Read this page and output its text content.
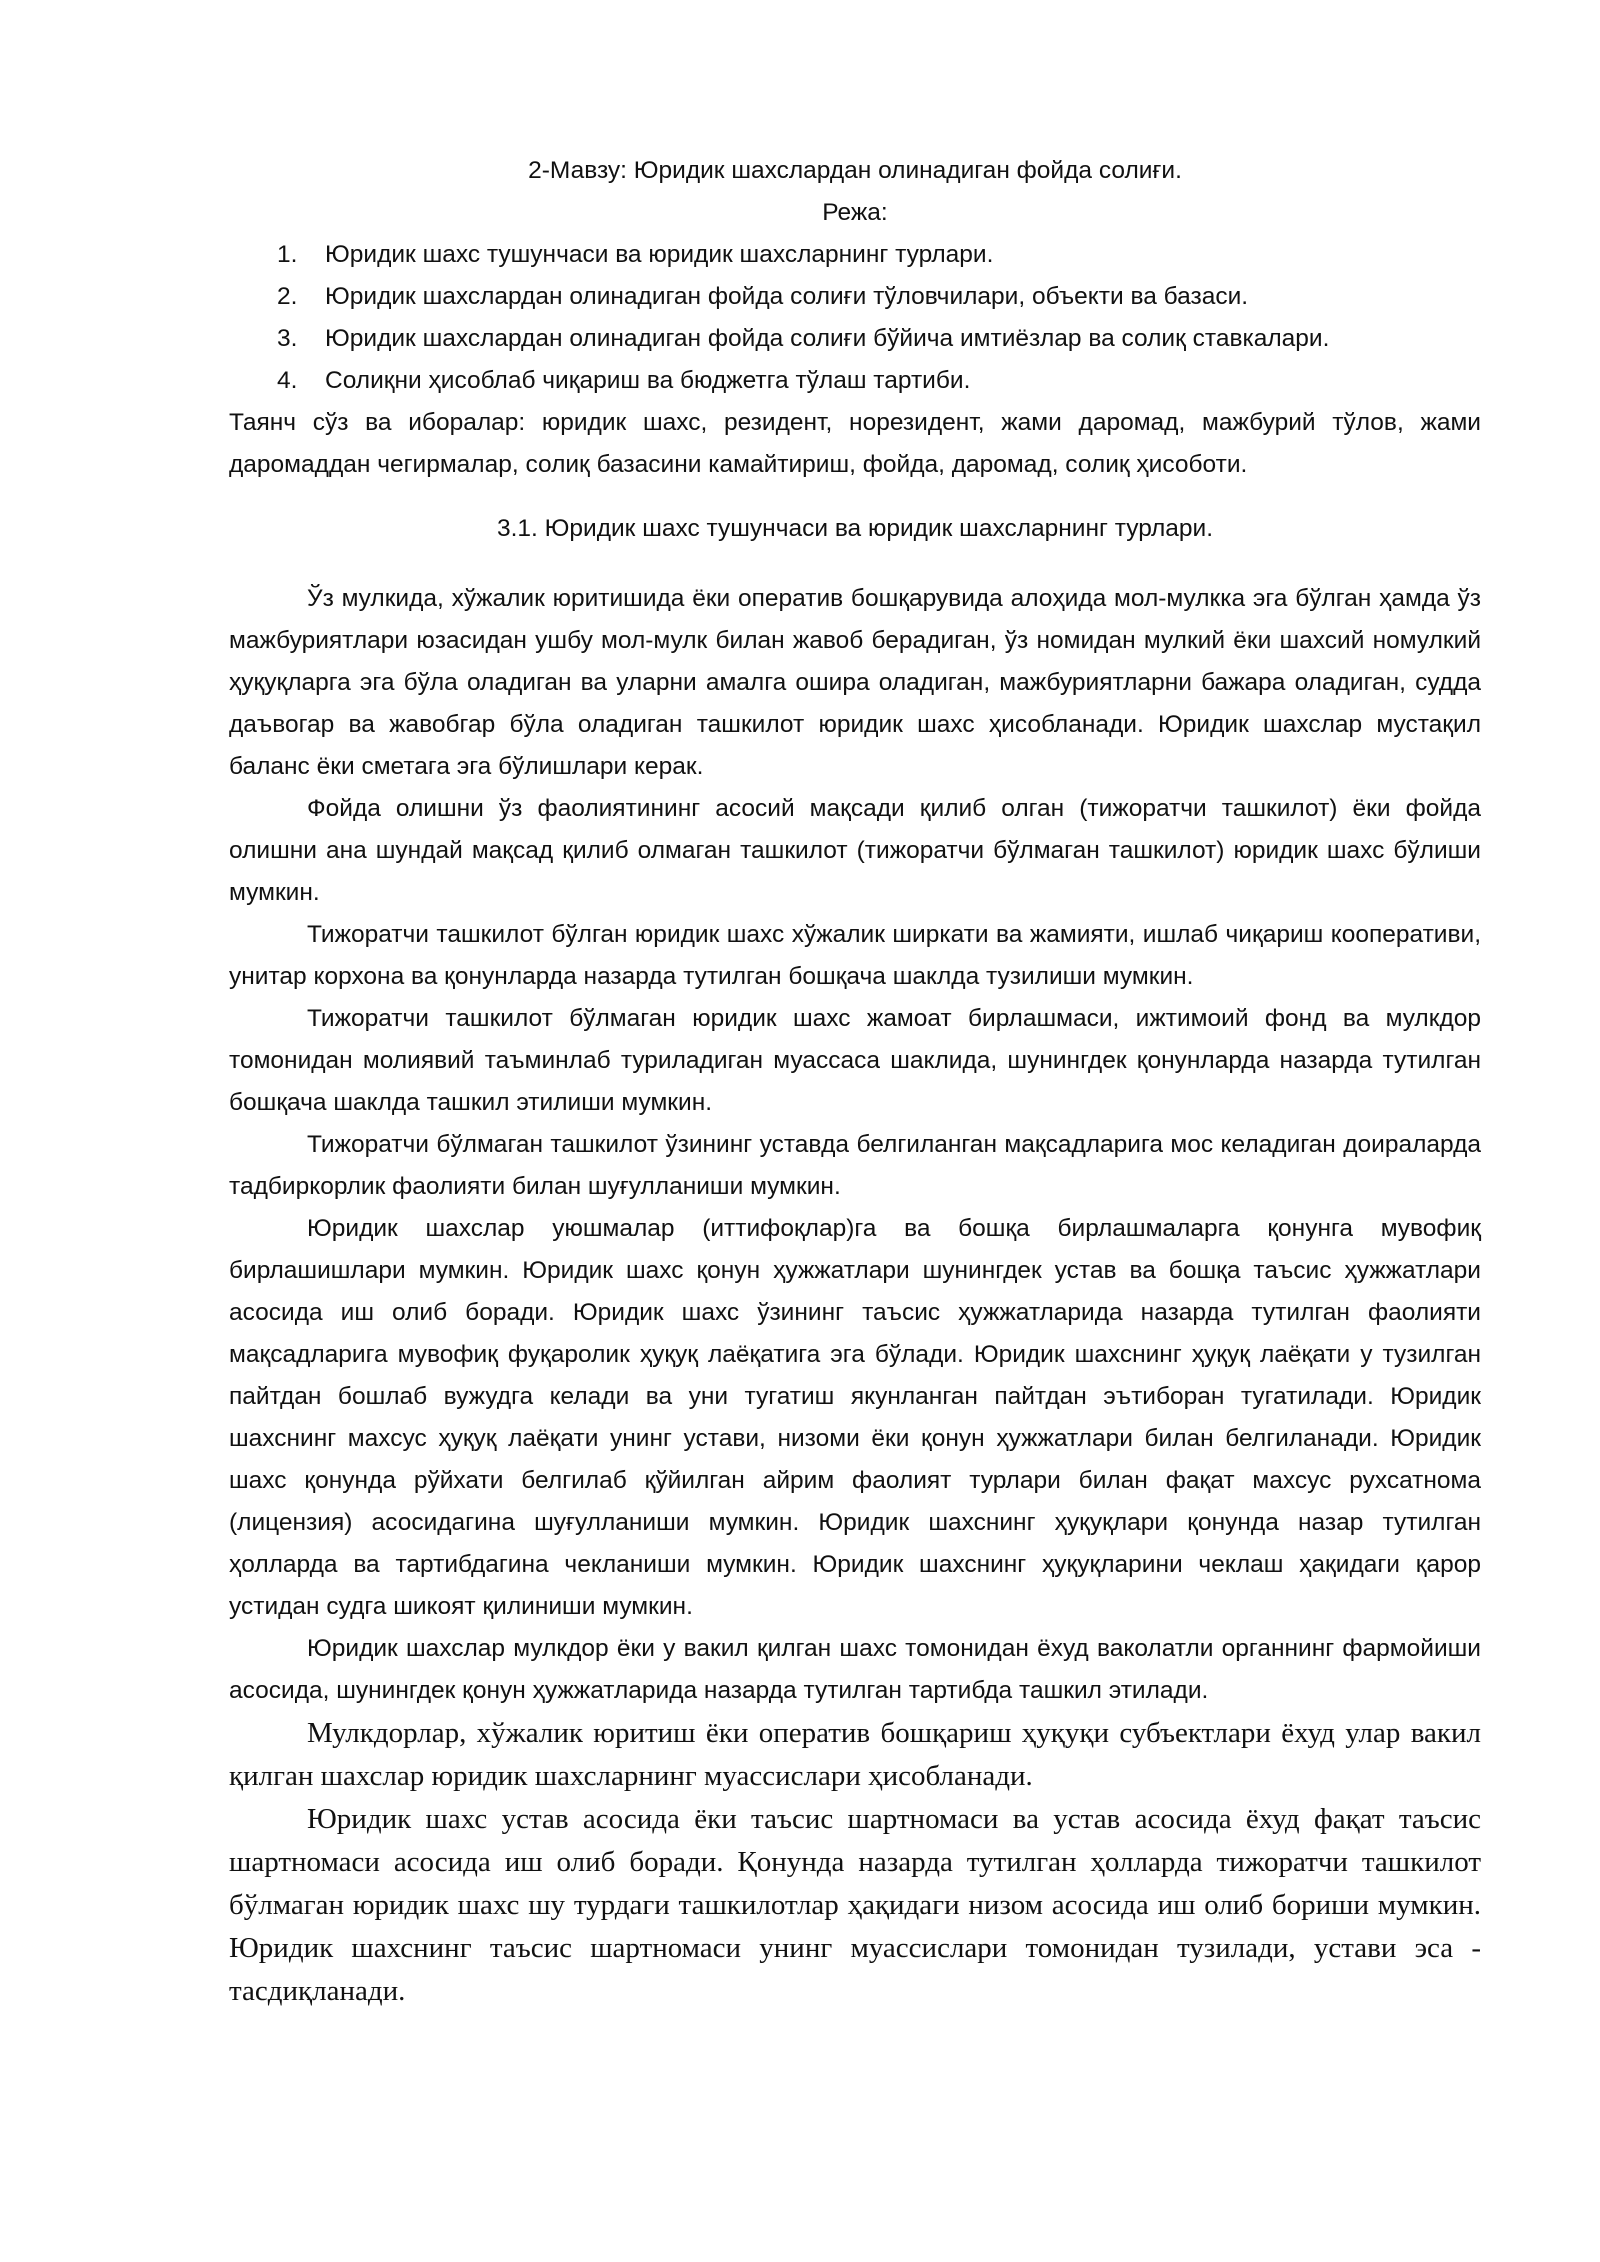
2-Мавзу: Юридик шахслардан олинадиган фойда солиғи.
Режа:
1. Юридик шахс тушунчаси ва юридик шахсларнинг турлари.
2. Юридик шахслардан олинадиган фойда солиғи тўловчилари, объекти ва базаси.
3. Юридик шахслардан олинадиган фойда солиғи бўйича имтиёзлар ва солиқ ставкалари.
4. Солиқни ҳисоблаб чиқариш ва бюджетга тўлаш тартиби.

Таянч сўз ва иборалар: юридик шахс, резидент, норезидент, жами даромад, мажбурий тўлов, жами даромаддан чегирмалар, солиқ базасини камайтириш, фойда, даромад, солиқ ҳисоботи.

3.1. Юридик шахс тушунчаси ва юридик шахсларнинг турлари.

Ўз мулкида, хўжалик юритишида ёки оператив бошқарувида алоҳида мол-мулкка эга бўлган ҳамда ўз мажбуриятлари юзасидан ушбу мол-мулк билан жавоб берадиган, ўз номидан мулкий ёки шахсий номулкий ҳуқуқларга эга бўла оладиган ва уларни амалга ошира оладиган, мажбуриятларни бажара оладиган, судда даъвогар ва жавобгар бўла оладиган ташкилот юридик шахс ҳисобланади. Юридик шахслар мустақил баланс ёки сметага эга бўлишлари керак.

Фойда олишни ўз фаолиятининг асосий мақсади қилиб олган (тижоратчи ташкилот) ёки фойда олишни ана шундай мақсад қилиб олмаган ташкилот (тижоратчи бўлмаган ташкилот) юридик шахс бўлиши мумкин.

Тижоратчи ташкилот бўлган юридик шахс хўжалик ширкати ва жамияти, ишлаб чиқариш кооперативи, унитар корхона ва қонунларда назарда тутилган бошқача шаклда тузилиши мумкин.

Тижоратчи ташкилот бўлмаган юридик шахс жамоат бирлашмаси, ижтимоий фонд ва мулкдор томонидан молиявий таъминлаб туриладиган муассаса шаклида, шунингдек қонунларда назарда тутилган бошқача шаклда ташкил этилиши мумкин.

Тижоратчи бўлмаган ташкилот ўзининг уставда белгиланган мақсадларига мос келадиган доираларда тадбиркорлик фаолияти билан шуғулланиши мумкин.

Юридик шахслар уюшмалар (иттифоқлар)га ва бошқа бирлашмаларга қонунга мувофиқ бирлашишлари мумкин. Юридик шахс қонун ҳужжатлари шунингдек устав ва бошқа таъсис ҳужжатлари асосида иш олиб боради. Юридик шахс ўзининг таъсис ҳужжатларида назарда тутилган фаолияти мақсадларига мувофиқ фуқаролик ҳуқуқ лаёқатига эга бўлади. Юридик шахснинг ҳуқуқ лаёқати у тузилган пайтдан бошлаб вужудга келади ва уни тугатиш якунланган пайтдан эътиборан тугатилади. Юридик шахснинг махсус ҳуқуқ лаёқати унинг устави, низоми ёки қонун ҳужжатлари билан белгиланади. Юридик шахс қонунда рўйхати белгилаб қўйилган айрим фаолият турлари билан фақат махсус рухсатнома (лицензия) асосидагина шуғулланиши мумкин. Юридик шахснинг ҳуқуқлари қонунда назар тутилган ҳолларда ва тартибдагина чекланиши мумкин. Юридик шахснинг ҳуқуқларини чеклаш ҳақидаги қарор устидан судга шикоят қилиниши мумкин.

Юридик шахслар мулкдор ёки у вакил қилган шахс томонидан ёхуд ваколатли органнинг фармойиши асосида, шунингдек қонун ҳужжатларида назарда тутилган тартибда ташкил этилади.

Мулкдорлар, хўжалик юритиш ёки оператив бошқариш ҳуқуқи субъектлари ёхуд улар вакил қилган шахслар юридик шахсларнинг муассислари ҳисобланади.

Юридик шахс устав асосида ёки таъсис шартномаси ва устав асосида ёхуд фақат таъсис шартномаси асосида иш олиб боради. Қонунда назарда тутилган ҳолларда тижоратчи ташкилот бўлмаган юридик шахс шу турдаги ташкилотлар ҳақидаги низом асосида иш олиб бориши мумкин. Юридик шахснинг таъсис шартномаси унинг муассислари томонидан тузилади, устави эса - тасдиқланади.
